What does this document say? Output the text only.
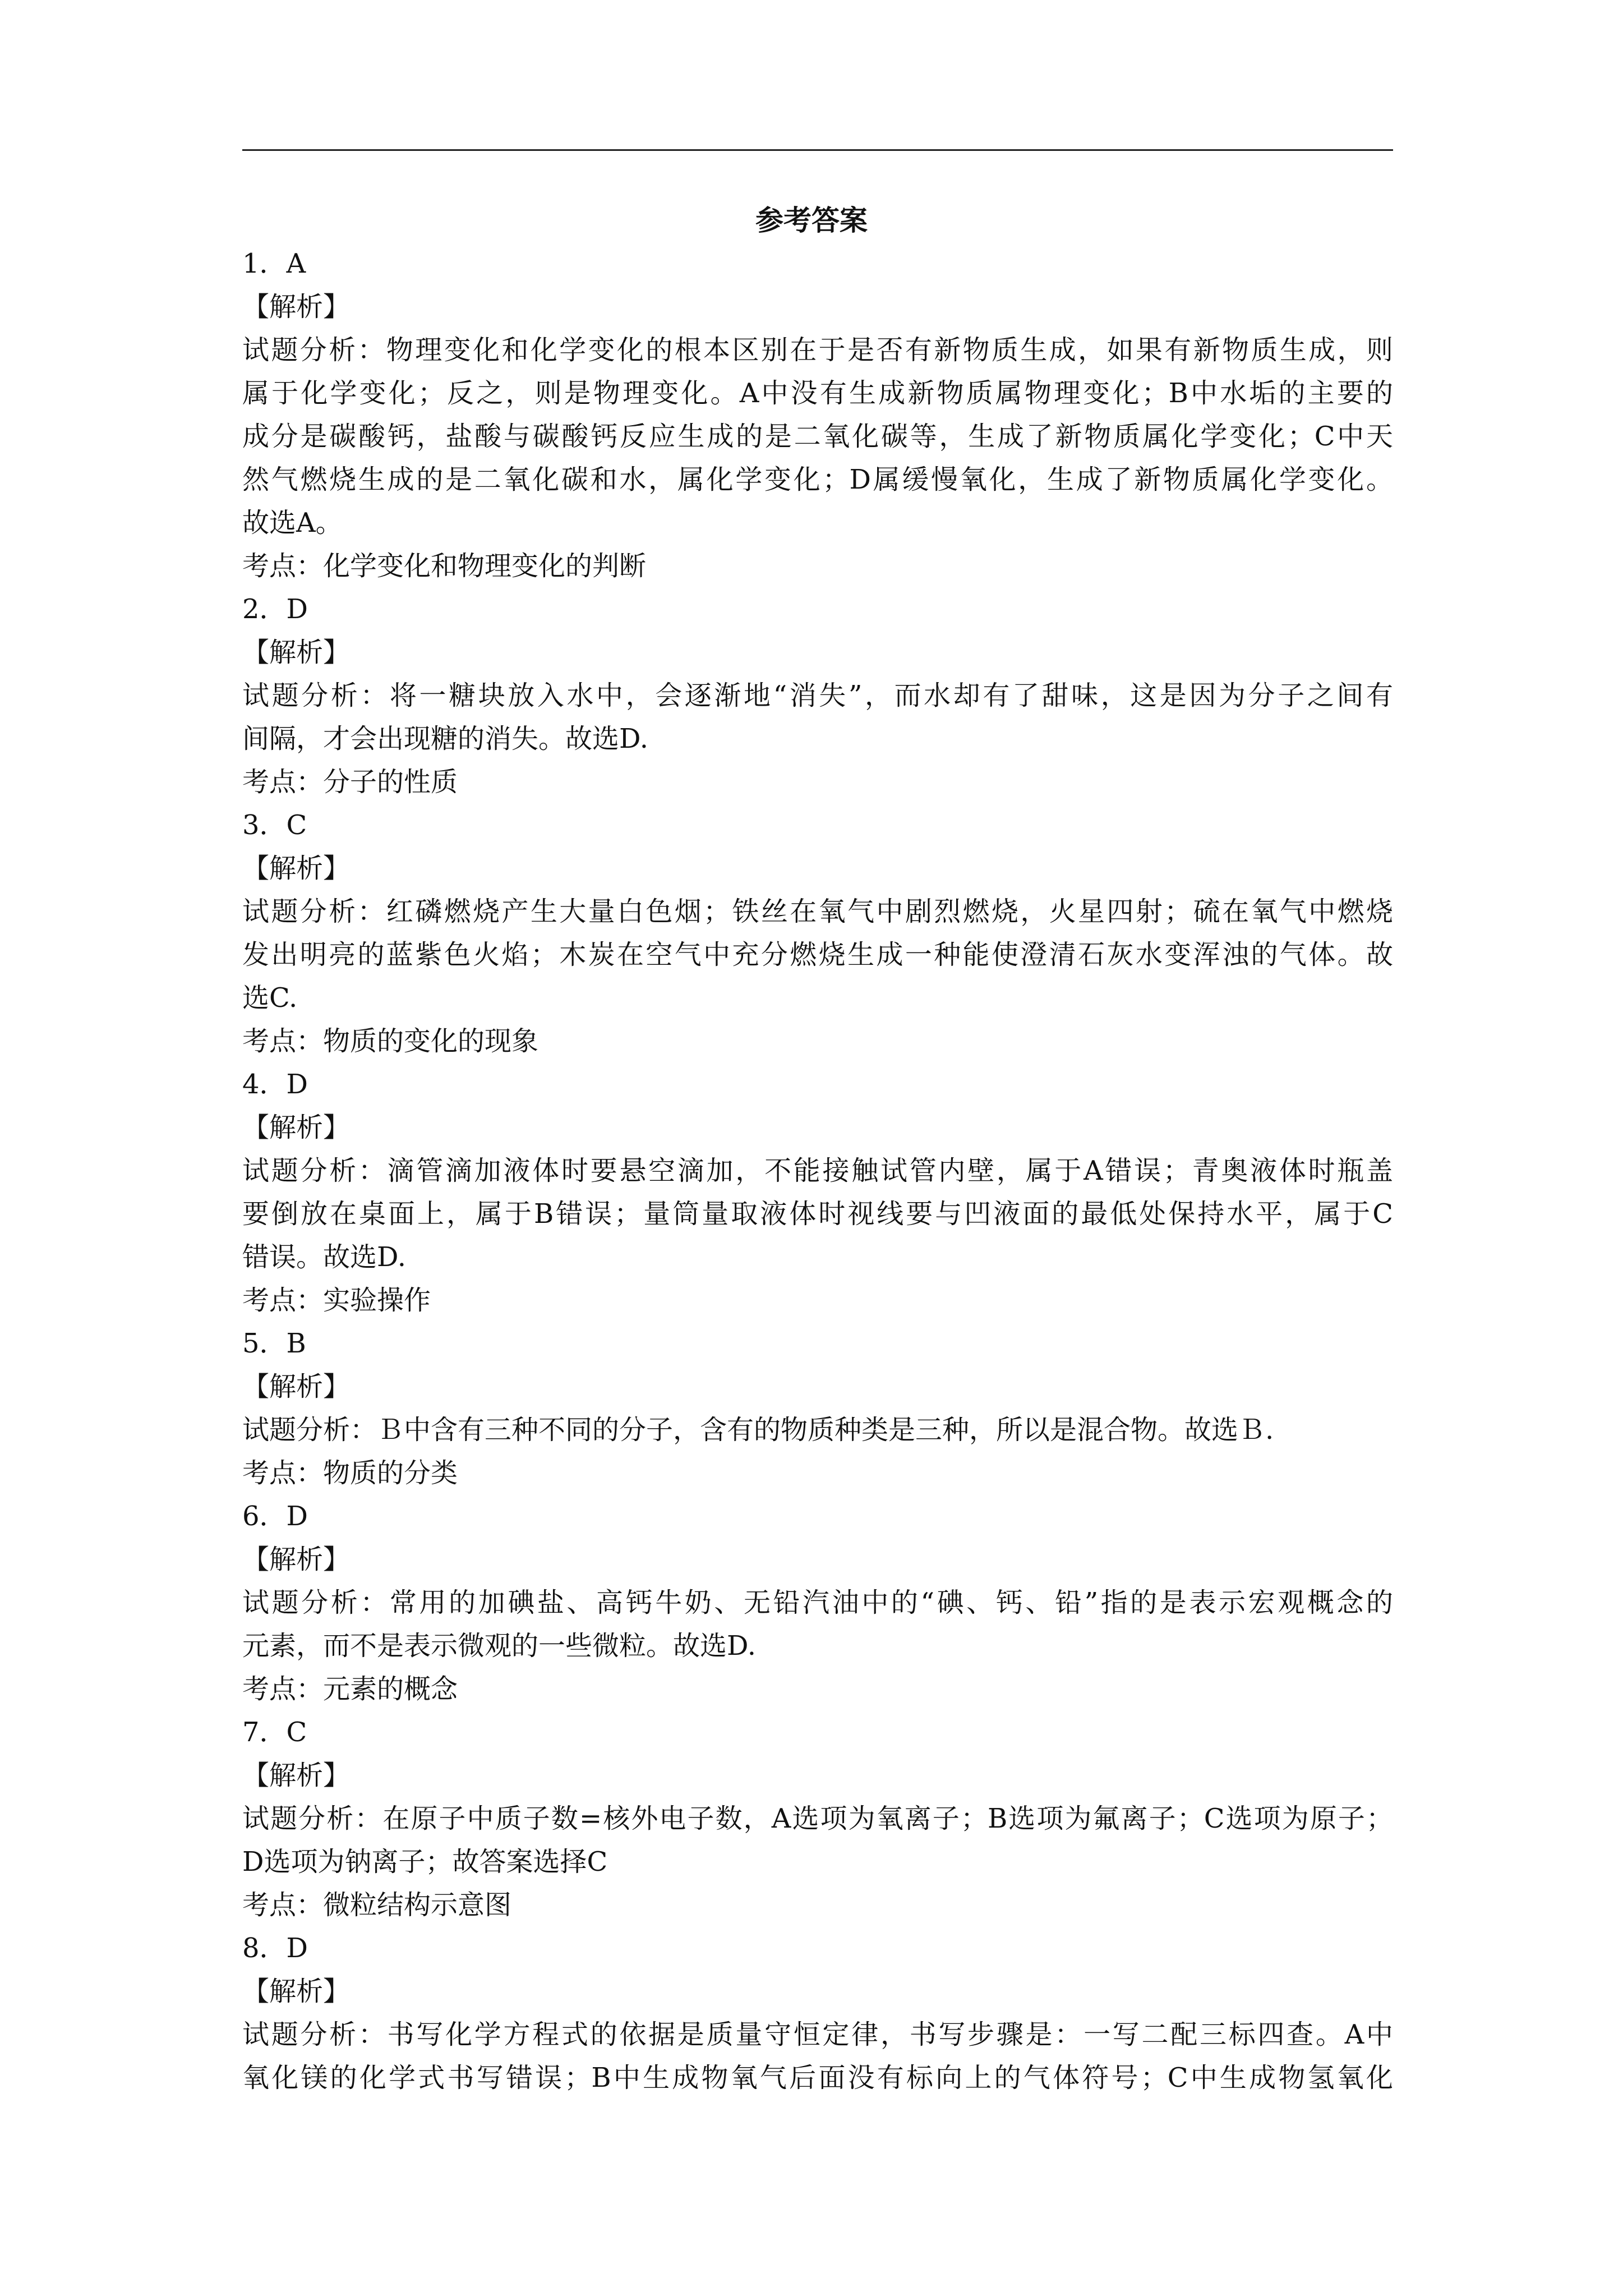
参考答案
1．A
【解析】
试题分析：物理变化和化学变化的根本区别在于是否有新物质生成，如果有新物质生成，则
属于化学变化；反之，则是物理变化。A中没有生成新物质属物理变化；B中水垢的主要的
成分是碳酸钙，盐酸与碳酸钙反应生成的是二氧化碳等，生成了新物质属化学变化；C中天
然气燃烧生成的是二氧化碳和水，属化学变化；D属缓慢氧化，生成了新物质属化学变化。
故选A。
考点：化学变化和物理变化的判断
2．D
【解析】
试题分析：将一糖块放入水中，会逐渐地“消失”，而水却有了甜味，这是因为分子之间有
间隔，才会出现糖的消失。故选D.
考点：分子的性质
3．C
【解析】
试题分析：红磷燃烧产生大量白色烟；铁丝在氧气中剧烈燃烧，火星四射；硫在氧气中燃烧
发出明亮的蓝紫色火焰；木炭在空气中充分燃烧生成一种能使澄清石灰水变浑浊的气体。故
选C.
考点：物质的变化的现象
4．D
【解析】
试题分析：滴管滴加液体时要悬空滴加，不能接触试管内壁，属于A错误；青奥液体时瓶盖
要倒放在桌面上，属于B错误；量筒量取液体时视线要与凹液面的最低处保持水平，属于C
错误。故选D.
考点：实验操作
5．B
【解析】
试题分析：Ｂ中含有三种不同的分子，含有的物质种类是三种，所以是混合物。故选Ｂ.
考点：物质的分类
6．D
【解析】
试题分析：常用的加碘盐、高钙牛奶、无铅汽油中的“碘、钙、铅”指的是表示宏观概念的
元素，而不是表示微观的一些微粒。故选D.
考点：元素的概念
7．C
【解析】
试题分析：在原子中质子数=核外电子数，A选项为氧离子；B选项为氟离子；C选项为原子；
D选项为钠离子；故答案选择C
考点：微粒结构示意图
8．D
【解析】
试题分析：书写化学方程式的依据是质量守恒定律，书写步骤是：一写二配三标四查。A中
氧化镁的化学式书写错误；B中生成物氧气后面没有标向上的气体符号；C中生成物氢氧化
